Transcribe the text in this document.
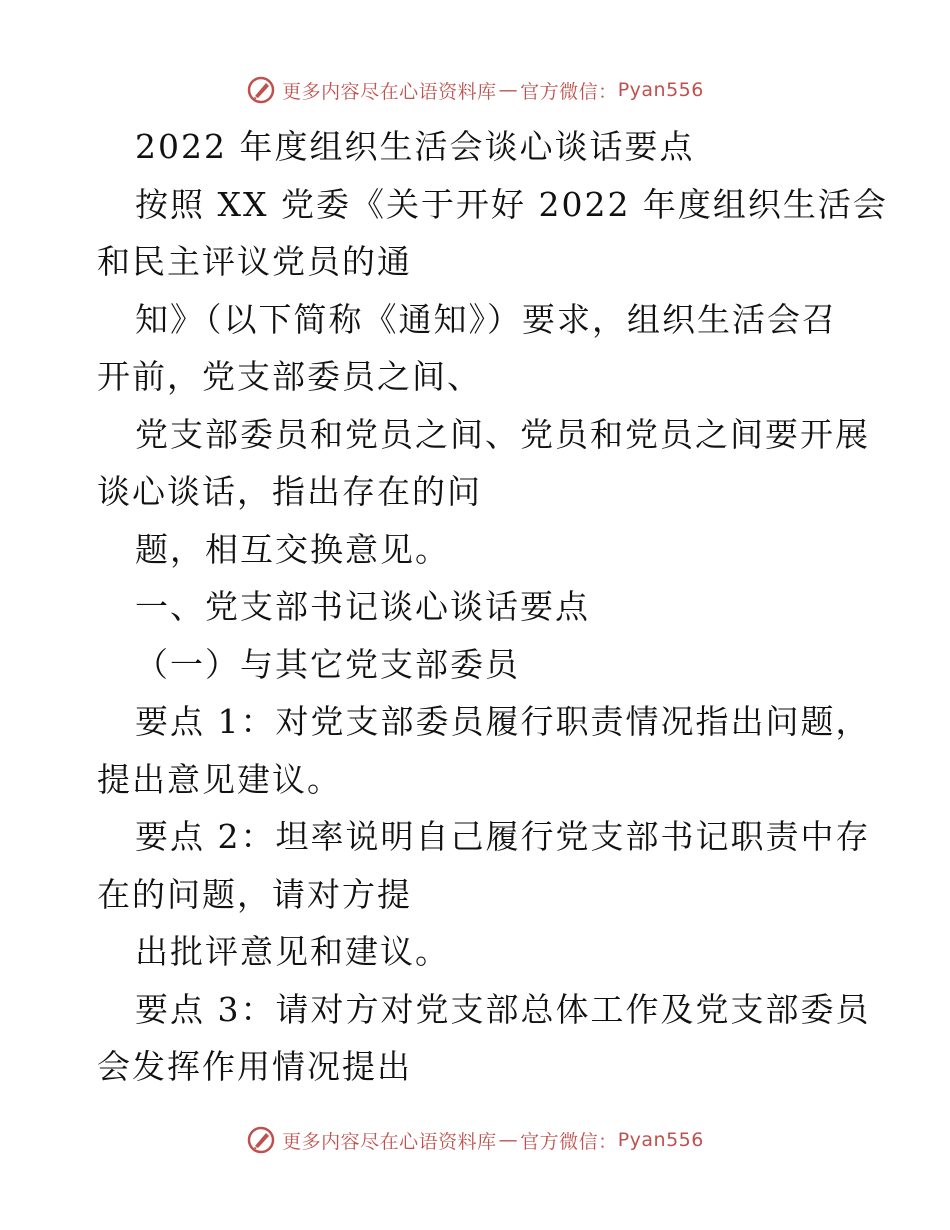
更多内容尽在心语资料库 — 官方微信： Pyan556
2022 年度组织生活会谈心谈话要点
按照 XX 党委《关于开好 2022 年度组织生活会
和民主评议党员的通
知》（以下简称《通知》）要求，组织生活会召
开前，党支部委员之间、
党支部委员和党员之间、党员和党员之间要开展
谈心谈话，指出存在的问
题，相互交换意见。
一、党支部书记谈心谈话要点
（一）与其它党支部委员
要点 1：对党支部委员履行职责情况指出问题，
提出意见建议。
要点 2：坦率说明自己履行党支部书记职责中存
在的问题，请对方提
出批评意见和建议。
要点 3：请对方对党支部总体工作及党支部委员
会发挥作用情况提出
更多内容尽在心语资料库 — 官方微信： Pyan556
